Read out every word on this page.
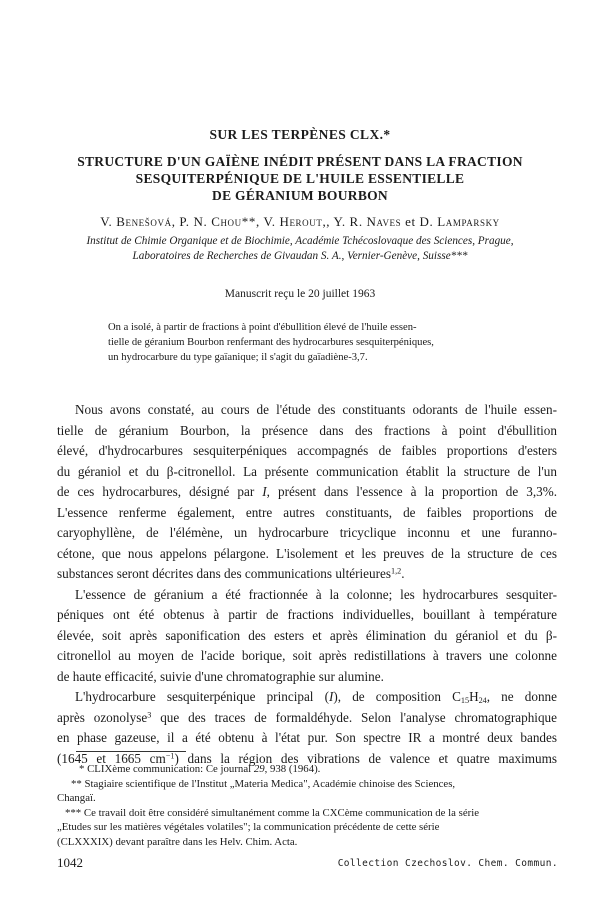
SUR LES TERPÈNES CLX.*
STRUCTURE D'UN GAÏÈNE INÉDIT PRÉSENT DANS LA FRACTION
SESQUITERPÉNIQUE DE L'HUILE ESSENTIELLE
DE GÉRANIUM BOURBON
V. Benešová, P. N. Chou**, V. Herout,, Y. R. Naves et D. Lamparsky
Institut de Chimie Organique et de Biochimie, Académie Tchécoslovaque des Sciences, Prague,
Laboratoires de Recherches de Givaudan S. A., Vernier-Genève, Suisse***
Manuscrit reçu le 20 juillet 1963
On a isolé, à partir de fractions à point d'ébullition élevé de l'huile essen-
tielle de géranium Bourbon renfermant des hydrocarbures sesquiterpéniques,
un hydrocarbure du type gaïanique; il s'agit du gaïadiène-3,7.
Nous avons constaté, au cours de l'étude des constituants odorants de l'huile essen-
tielle de géranium Bourbon, la présence dans des fractions à point d'ébullition
élevé, d'hydrocarbures sesquiterpéniques accompagnés de faibles proportions d'esters
du géraniol et du β-citronellol. La présente communication établit la structure de l'un
de ces hydrocarbures, désigné par I, présent dans l'essence à la proportion de 3,3%.
L'essence renferme également, entre autres constituants, de faibles proportions de
caryophyllène, de l'élémène, un hydrocarbure tricyclique inconnu et une furanno-
cétone, que nous appelons pélargone. L'isolement et les preuves de la structure de ces
substances seront décrites dans des communications ultérieures$^{1,2}$.
L'essence de géranium a été fractionnée à la colonne; les hydrocarbures sesquiter-
péniques ont été obtenus à partir de fractions individuelles, bouillant à température
élevée, soit après saponification des esters et après élimination du géraniol et du β-
citronellol au moyen de l'acide borique, soit après redistillations à travers une colonne
de haute efficacité, suivie d'une chromatographie sur alumine.
L'hydrocarbure sesquiterpénique principal (I), de composition $C_{15}H_{24}$, ne donne
après ozonolyse$^3$ que des traces de formaldéhyde. Selon l'analyse chromatographique
en phase gazeuse, il a été obtenu à l'état pur. Son spectre IR a montré deux bandes
(1645 et 1665 $cm^{-1}$) dans la région des vibrations de valence et quatre maximums
* CLIXème communication: Ce journal 29, 938 (1964).
** Stagiaire scientifique de l'Institut „Materia Medica", Académie chinoise des Sciences,
Changaï.
*** Ce travail doit être considéré simultanément comme la CXCème communication de la série
„Etudes sur les matières végétales volatiles"; la communication précédente de cette série
(CLXXXIX) devant paraître dans les Helv. Chim. Acta.
1042	Collection Czechoslov. Chem. Commun.
